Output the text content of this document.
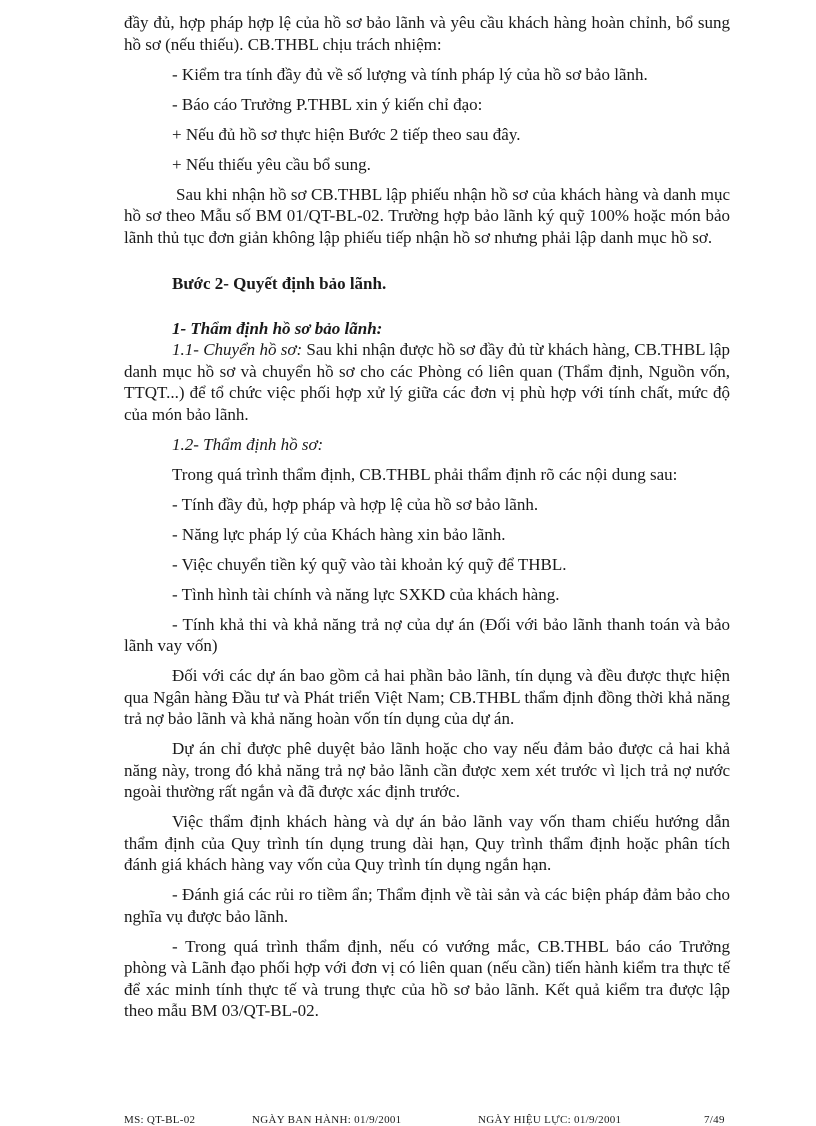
đầy đủ, hợp pháp hợp lệ của hồ sơ bảo lãnh và yêu cầu khách hàng hoàn chỉnh, bổ sung hồ sơ (nếu thiếu). CB.THBL chịu trách nhiệm:

- Kiểm tra tính đầy đủ về số lượng và tính pháp lý của hồ sơ bảo lãnh.

- Báo cáo Trưởng P.THBL xin ý kiến chỉ đạo:

+ Nếu đủ hồ sơ thực hiện Bước 2 tiếp theo sau đây.

+ Nếu thiếu yêu cầu bổ sung.

Sau khi nhận hồ sơ CB.THBL lập phiếu nhận hồ sơ của khách hàng và danh mục hồ sơ theo Mẫu số BM 01/QT-BL-02. Trường hợp bảo lãnh ký quỹ 100% hoặc món bảo lãnh thủ tục đơn giản không lập phiếu tiếp nhận hồ sơ nhưng phải lập danh mục hồ sơ.

Bước 2- Quyết định bảo lãnh.

1- Thẩm định hồ sơ bảo lãnh:

1.1- Chuyển hồ sơ: Sau khi nhận được hồ sơ đầy đủ từ khách hàng, CB.THBL lập danh mục hồ sơ và chuyển hồ sơ cho các Phòng có liên quan (Thẩm định, Nguồn vốn, TTQT...) để tổ chức việc phối hợp xử lý giữa các đơn vị phù hợp với tính chất, mức độ của món bảo lãnh.

1.2- Thẩm định hồ sơ:

Trong quá trình thẩm định, CB.THBL phải thẩm định rõ các nội dung sau:

- Tính đầy đủ, hợp pháp và hợp lệ của hồ sơ bảo lãnh.

- Năng lực pháp lý của Khách hàng xin bảo lãnh.

- Việc chuyển tiền ký quỹ vào tài khoản ký quỹ để THBL.

- Tình hình tài chính và năng lực SXKD của khách hàng.

- Tính khả thi và khả năng trả nợ của dự án (Đối với bảo lãnh thanh toán và bảo lãnh vay vốn)

Đối với các dự án bao gồm cả hai phần bảo lãnh, tín dụng và đều được thực hiện qua Ngân hàng Đầu tư và Phát triển Việt Nam; CB.THBL thẩm định đồng thời khả năng trả nợ bảo lãnh và khả năng hoàn vốn tín dụng của dự án.

Dự án chỉ được phê duyệt bảo lãnh hoặc cho vay nếu đảm bảo được cả hai khả năng này, trong đó khả năng trả nợ bảo lãnh cần được xem xét trước vì lịch trả nợ nước ngoài thường rất ngắn và đã được xác định trước.

Việc thẩm định khách hàng và dự án bảo lãnh vay vốn tham chiếu hướng dẫn thẩm định của Quy trình tín dụng trung dài hạn, Quy trình thẩm định hoặc phân tích đánh giá khách hàng vay vốn của Quy trình tín dụng ngắn hạn.

- Đánh giá các rủi ro tiềm ẩn; Thẩm định về tài sản và các biện pháp đảm bảo cho nghĩa vụ được bảo lãnh.

- Trong quá trình thẩm định, nếu có vướng mắc, CB.THBL báo cáo Trưởng phòng và Lãnh đạo phối hợp với đơn vị có liên quan (nếu cần) tiến hành kiểm tra thực tế để xác minh tính thực tế và trung thực của hồ sơ bảo lãnh. Kết quả kiểm tra được lập theo mẫu BM 03/QT-BL-02.

MS: QT-BL-02	NGÀY BAN HÀNH: 01/9/2001	NGÀY HIỆU LỰC: 01/9/2001	7/49
